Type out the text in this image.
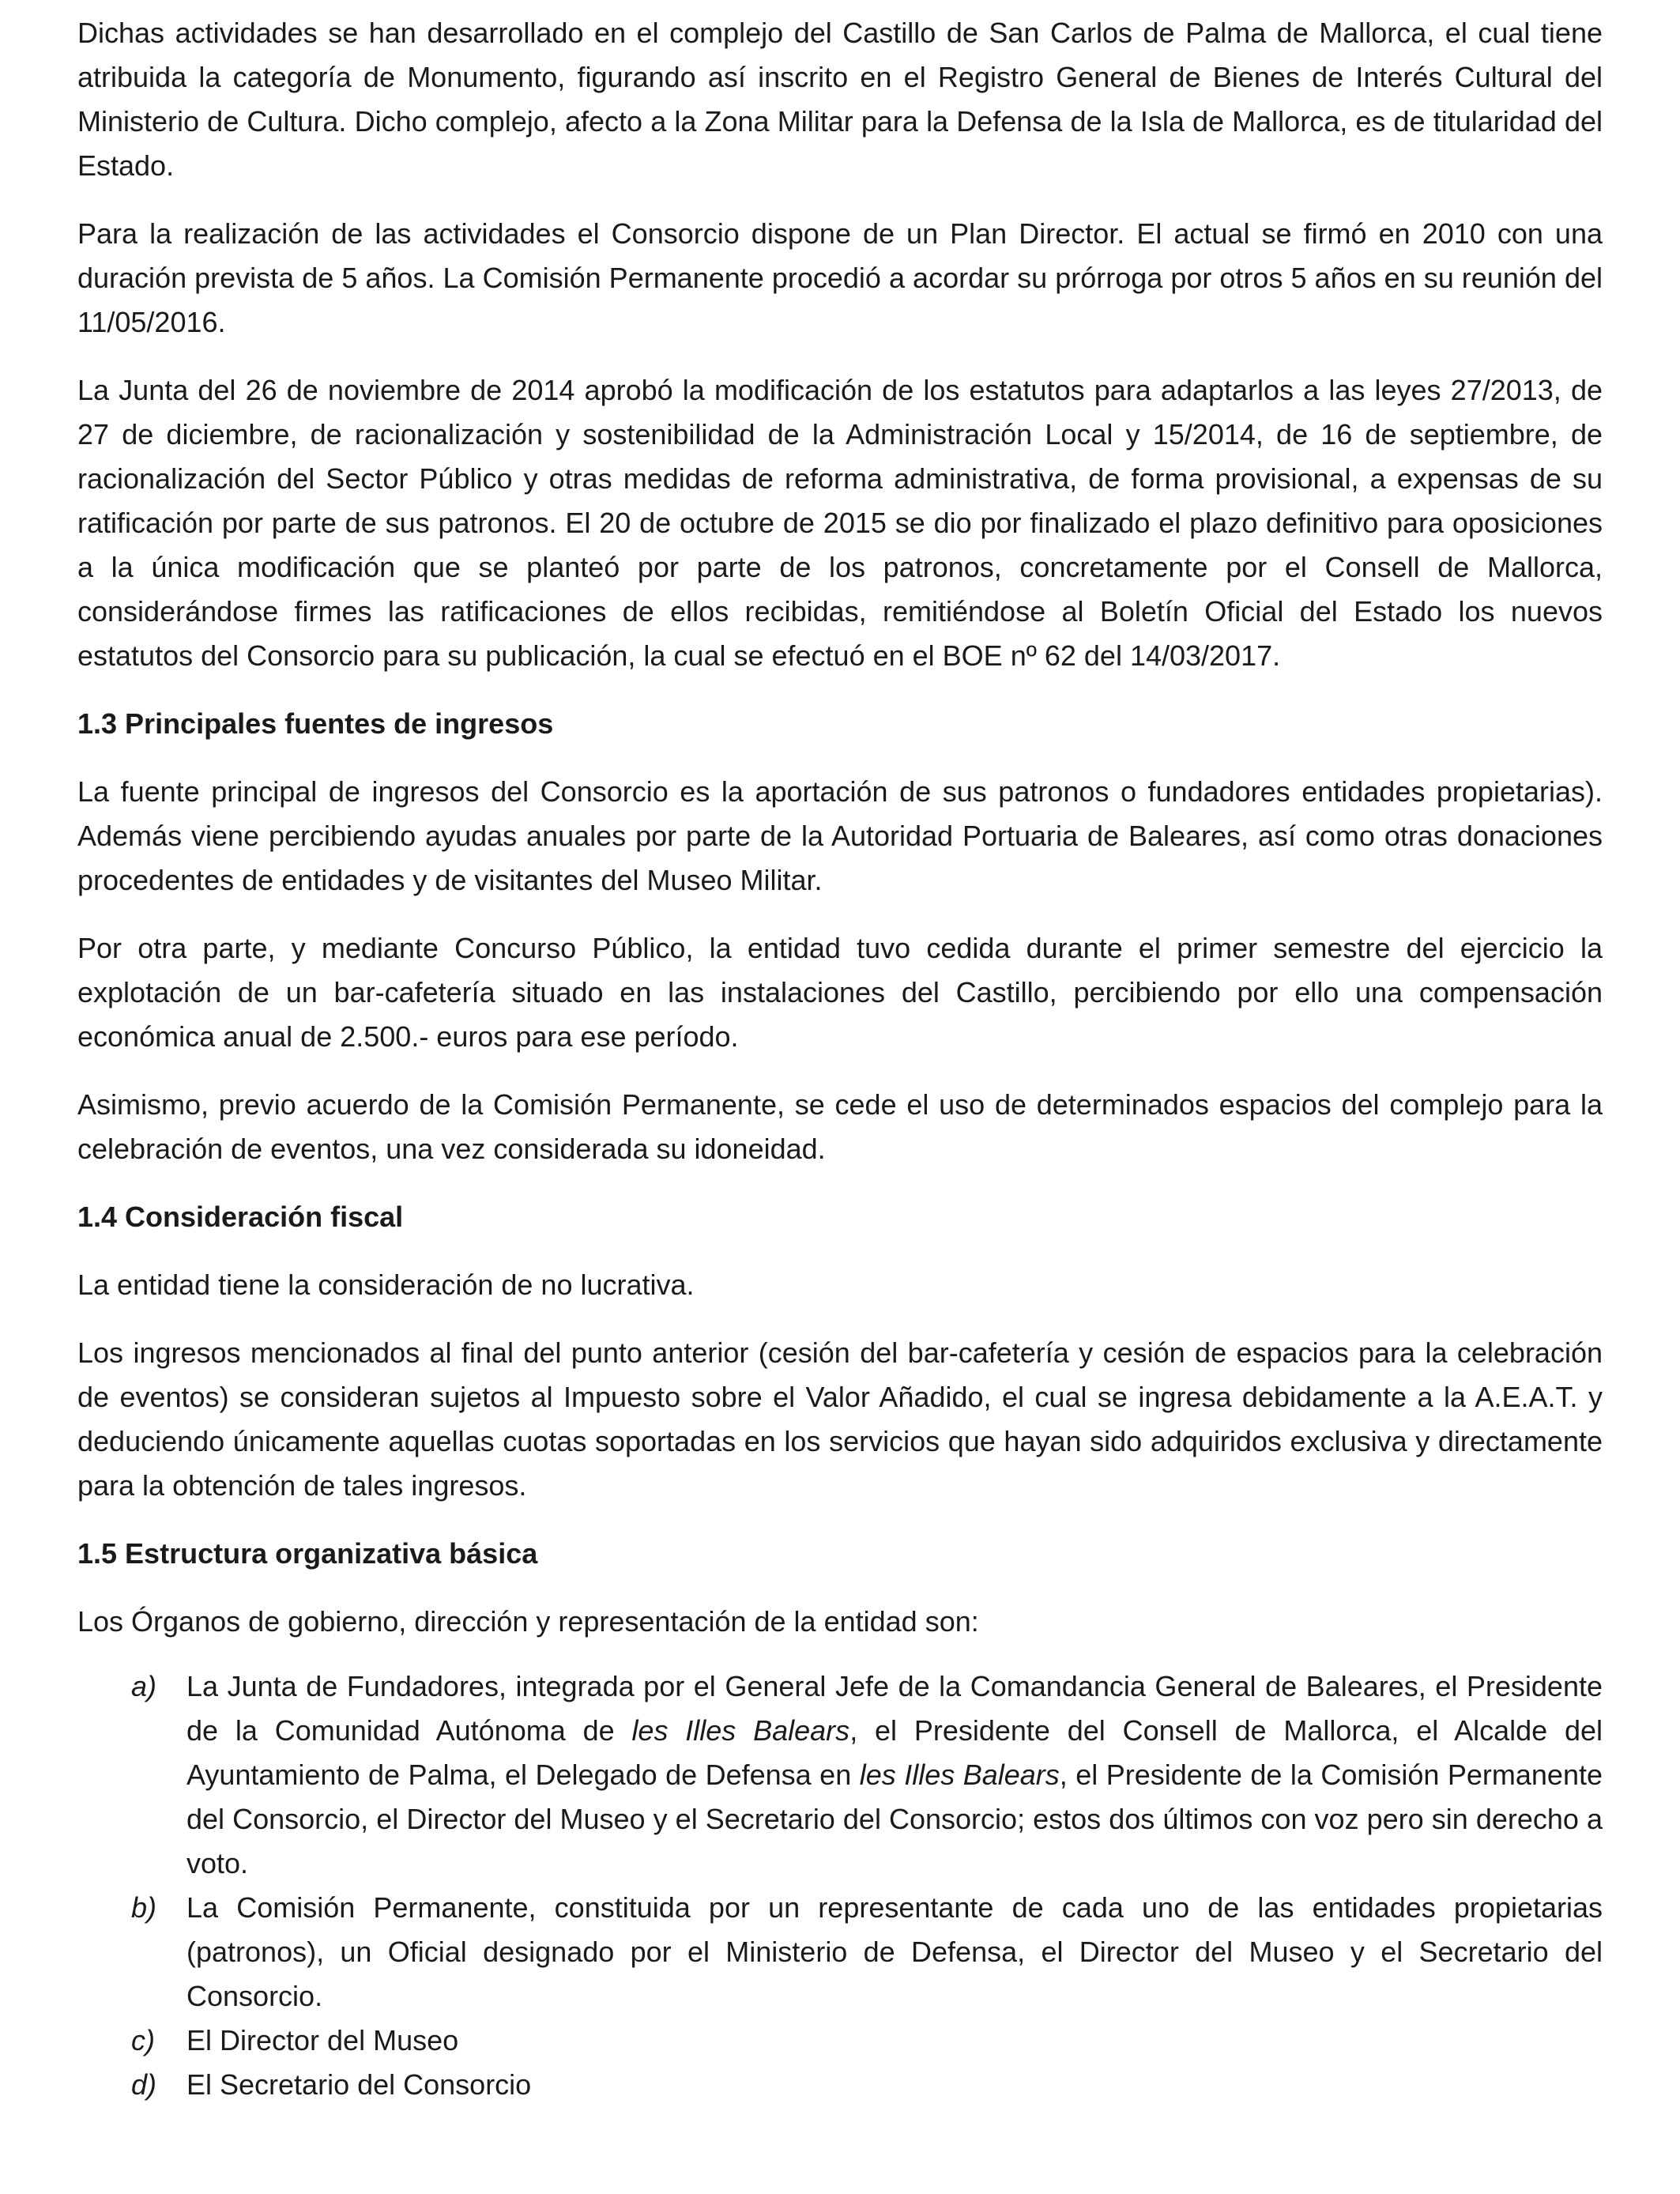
Dichas actividades se han desarrollado en el complejo del Castillo de San Carlos de Palma de Mallorca, el cual tiene atribuida la categoría de Monumento, figurando así inscrito en el Registro General de Bienes de Interés Cultural del Ministerio de Cultura. Dicho complejo, afecto a la Zona Militar para la Defensa de la Isla de Mallorca, es de titularidad del Estado.

Para la realización de las actividades el Consorcio dispone de un Plan Director. El actual se firmó en 2010 con una duración prevista de 5 años. La Comisión Permanente procedió a acordar su prórroga por otros 5 años en su reunión del 11/05/2016.

La Junta del 26 de noviembre de 2014 aprobó la modificación de los estatutos para adaptarlos a las leyes 27/2013, de 27 de diciembre, de racionalización y sostenibilidad de la Administración Local y 15/2014, de 16 de septiembre, de racionalización del Sector Público y otras medidas de reforma administrativa, de forma provisional, a expensas de su ratificación por parte de sus patronos. El 20 de octubre de 2015 se dio por finalizado el plazo definitivo para oposiciones a la única modificación que se planteó por parte de los patronos, concretamente por el Consell de Mallorca, considerándose firmes las ratificaciones de ellos recibidas, remitiéndose al Boletín Oficial del Estado los nuevos estatutos del Consorcio para su publicación, la cual se efectuó en el BOE nº 62 del 14/03/2017.

1.3 Principales fuentes de ingresos

La fuente principal de ingresos del Consorcio es la aportación de sus patronos o fundadores entidades propietarias). Además viene percibiendo ayudas anuales por parte de la Autoridad Portuaria de Baleares, así como otras donaciones procedentes de entidades y de visitantes del Museo Militar.

Por otra parte, y mediante Concurso Público, la entidad tuvo cedida durante el primer semestre del ejercicio la explotación de un bar-cafetería situado en las instalaciones del Castillo, percibiendo por ello una compensación económica anual de 2.500.- euros para ese período.

Asimismo, previo acuerdo de la Comisión Permanente, se cede el uso de determinados espacios del complejo para la celebración de eventos, una vez considerada su idoneidad.

1.4 Consideración fiscal

La entidad tiene la consideración de no lucrativa.

Los ingresos mencionados al final del punto anterior (cesión del bar-cafetería y cesión de espacios para la celebración de eventos) se consideran sujetos al Impuesto sobre el Valor Añadido, el cual se ingresa debidamente a la A.E.A.T. y deduciendo únicamente aquellas cuotas soportadas en los servicios que hayan sido adquiridos exclusiva y directamente para la obtención de tales ingresos.

1.5 Estructura organizativa básica

Los Órganos de gobierno, dirección y representación de la entidad son:

a) La Junta de Fundadores, integrada por el General Jefe de la Comandancia General de Baleares, el Presidente de la Comunidad Autónoma de les Illes Balears, el Presidente del Consell de Mallorca, el Alcalde del Ayuntamiento de Palma, el Delegado de Defensa en les Illes Balears, el Presidente de la Comisión Permanente del Consorcio, el Director del Museo y el Secretario del Consorcio; estos dos últimos con voz pero sin derecho a voto.
b) La Comisión Permanente, constituida por un representante de cada uno de las entidades propietarias (patronos), un Oficial designado por el Ministerio de Defensa, el Director del Museo y el Secretario del Consorcio.
c) El Director del Museo
d) El Secretario del Consorcio
